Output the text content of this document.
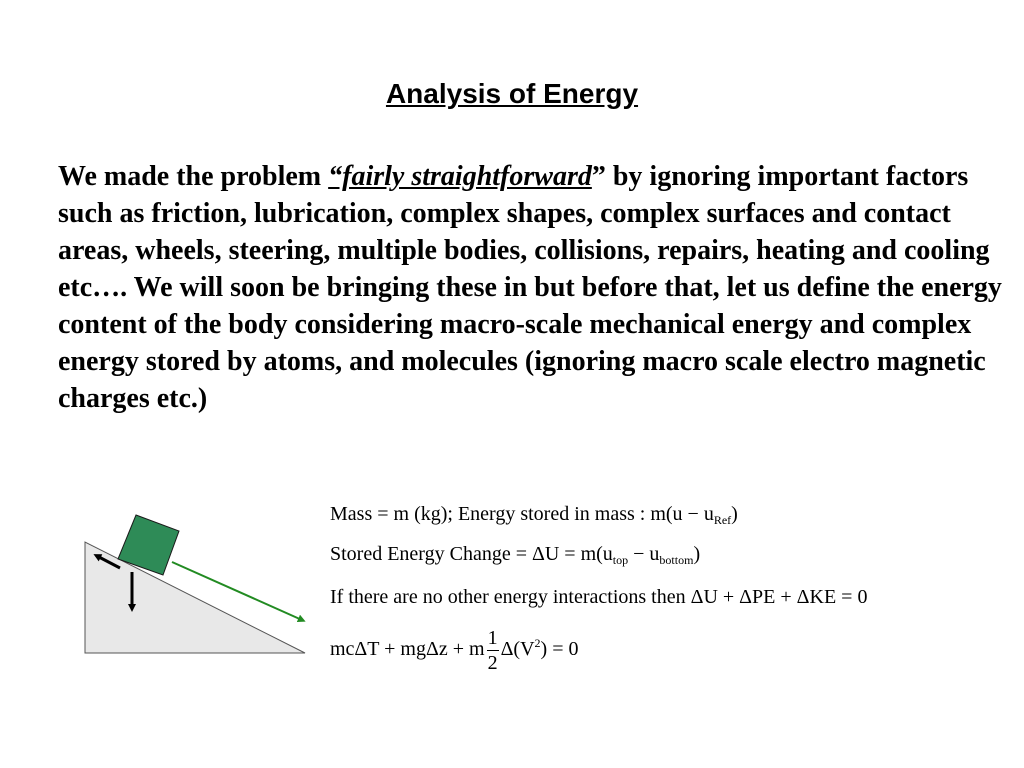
Analysis of Energy
We made the problem “fairly straightforward” by ignoring important factors such as friction, lubrication, complex shapes, complex surfaces and contact areas, wheels, steering, multiple bodies, collisions, repairs, heating and cooling etc…. We will soon be bringing these in but before that, let us define the energy content of the body considering macro-scale mechanical energy and complex energy stored by atoms, and molecules (ignoring macro scale electro magnetic charges etc.)
Mass = m (kg); Energy stored in mass : $m(u - u_{Ref})$
Stored Energy Change = $\Delta U = m(u_{top} - u_{bottom})$
If there are no other energy interactions then ΔU + ΔPE + ΔKE = 0
mcΔT + mgΔz + m $\frac{1}{2} \Delta(V^2) = 0$
